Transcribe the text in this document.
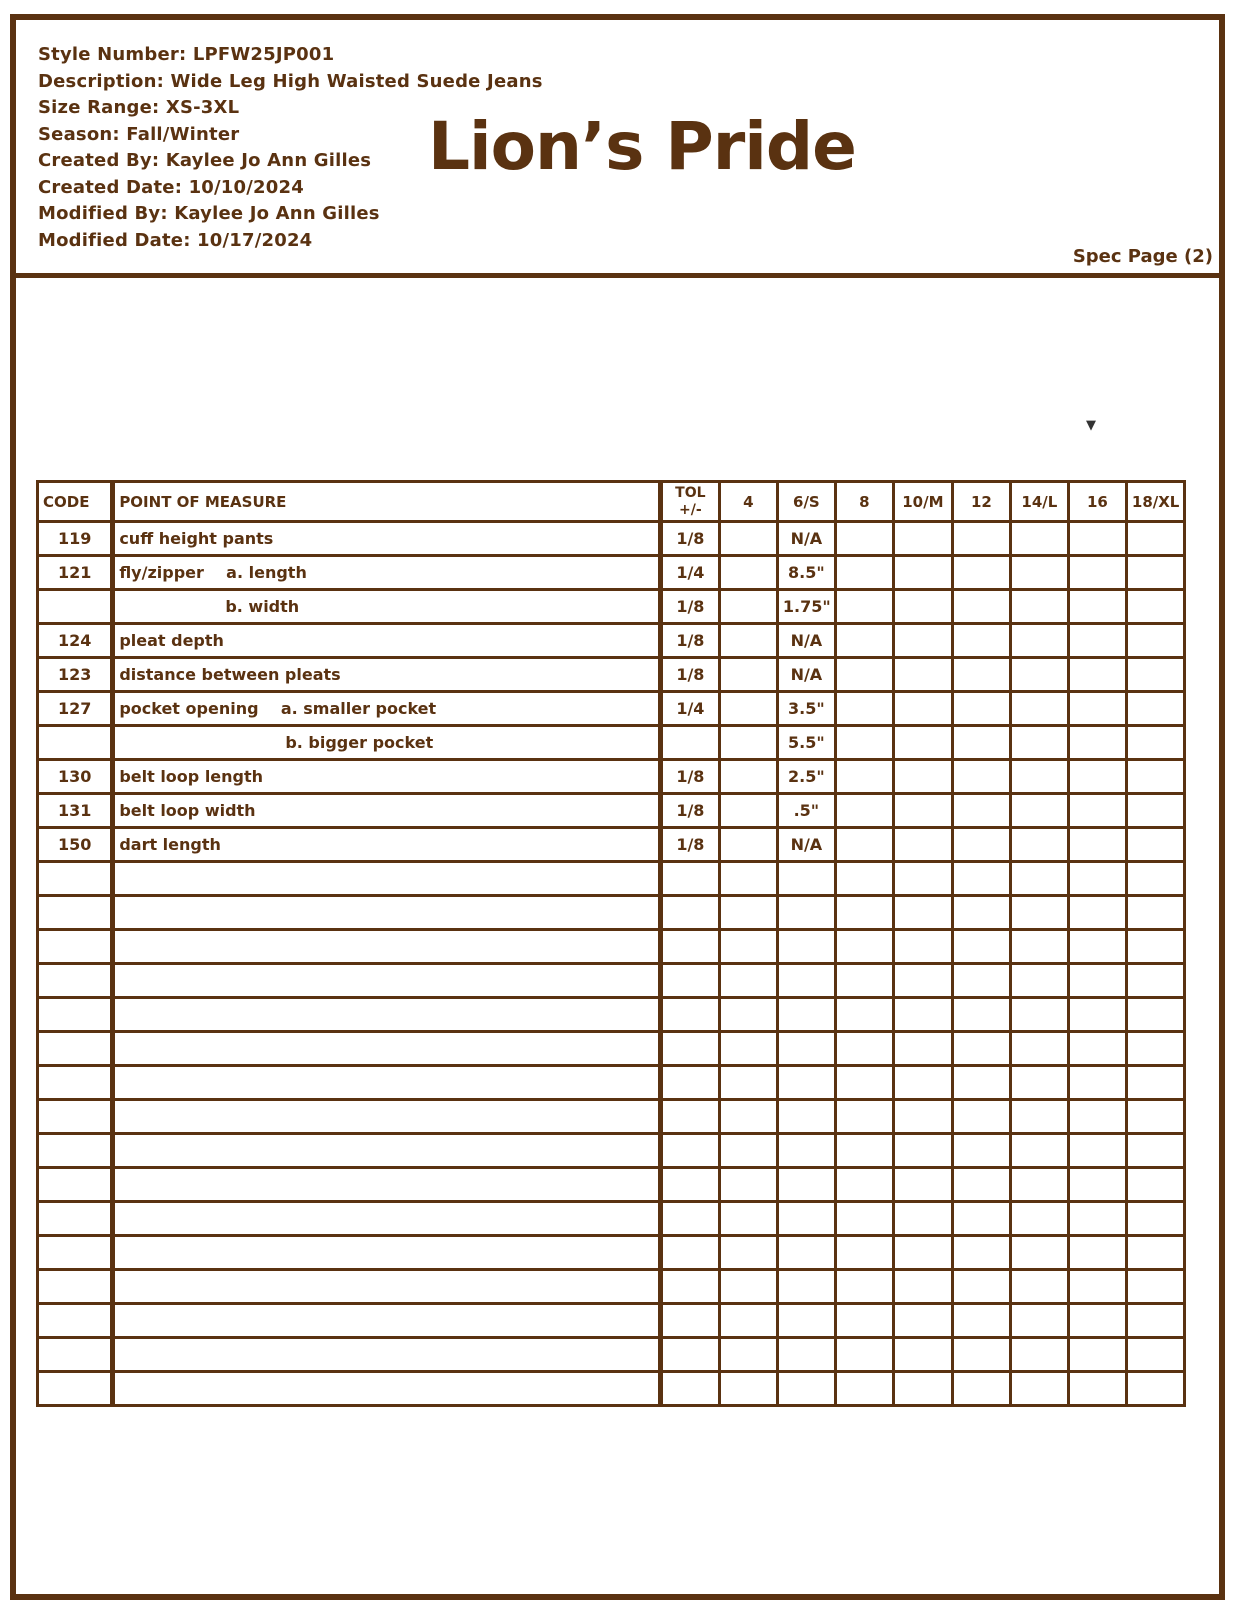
Style Number: LPFW25JP001
Description: Wide Leg High Waisted Suede Jeans
Size Range: XS-3XL
Season: Fall/Winter
Created By: Kaylee Jo Ann Gilles
Created Date: 10/10/2024
Modified By: Kaylee Jo Ann Gilles
Modified Date: 10/17/2024
Lion’s Pride
Spec Page (2)
▼
CODE	POINT OF MEASURE	TOL +/-	4	6/S	8	10/M	12	14/L	16	18/XL
119	cuff height pants	1/8		N/A						
121	fly/zipper    a. length	1/4		8.5"						
	b. width	1/8		1.75"						
124	pleat depth	1/8		N/A						
123	distance between pleats	1/8		N/A						
127	pocket opening    a. smaller pocket	1/4		3.5"						
	b. bigger pocket			5.5"						
130	belt loop length	1/8		2.5"						
131	belt loop width	1/8		.5"						
150	dart length	1/8		N/A						
